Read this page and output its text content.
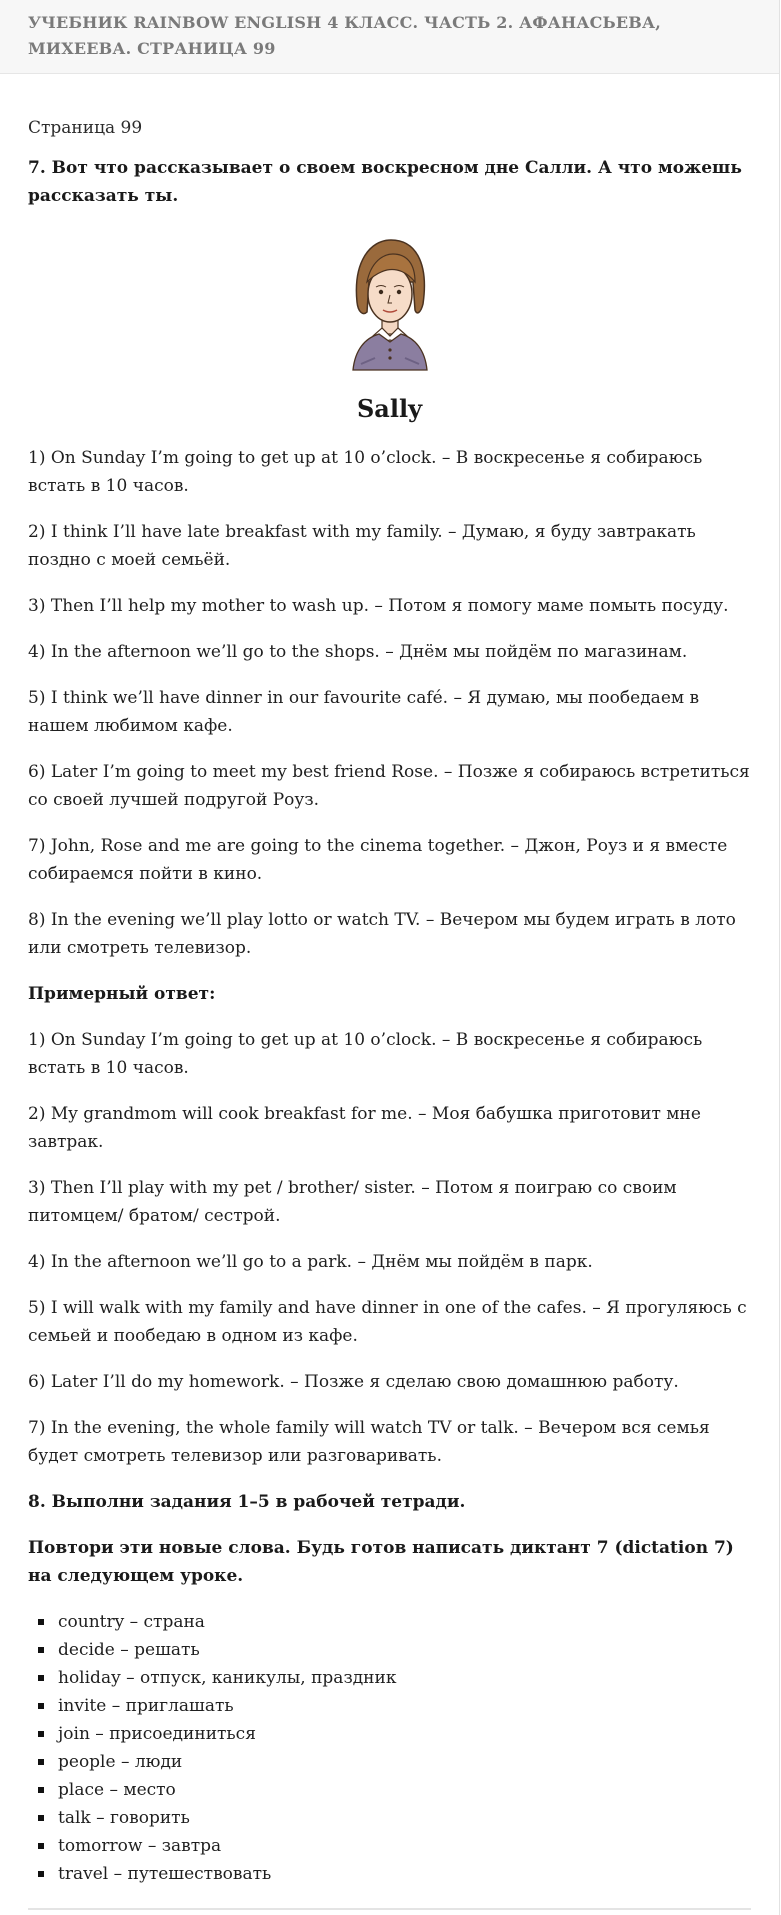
УЧЕБНИК RAINBOW ENGLISH 4 КЛАСС. ЧАСТЬ 2. АФАНАСЬЕВА, МИХЕЕВА. СТРАНИЦА 99

Страница 99

7. Вот что рассказывает о своем воскресном дне Салли. А что можешь рассказать ты.

Sally

1) On Sunday I’m going to get up at 10 o’clock. – В воскресенье я собираюсь встать в 10 часов.

2) I think I’ll have late breakfast with my family. – Думаю, я буду завтракать поздно с моей семьёй.

3) Then I’ll help my mother to wash up. – Потом я помогу маме помыть посуду.

4) In the afternoon we’ll go to the shops. – Днём мы пойдём по магазинам.

5) I think we’ll have dinner in our favourite café. – Я думаю, мы пообедаем в нашем любимом кафе.

6) Later I’m going to meet my best friend Rose. – Позже я собираюсь встретиться со своей лучшей подругой Роуз.

7) John, Rose and me are going to the cinema together. – Джон, Роуз и я вместе собираемся пойти в кино.

8) In the evening we’ll play lotto or watch TV. – Вечером мы будем играть в лото или смотреть телевизор.

Примерный ответ:

1) On Sunday I’m going to get up at 10 o’clock. – В воскресенье я собираюсь встать в 10 часов.

2) My grandmom will cook breakfast for me. – Моя бабушка приготовит мне завтрак.

3) Then I’ll play with my pet / brother/ sister. – Потом я поиграю со своим питомцем/ братом/ сестрой.

4) In the afternoon we’ll go to a park. – Днём мы пойдём в парк.

5) I will walk with my family and have dinner in one of the cafes. – Я прогуляюсь с семьей и пообедаю в одном из кафе.

6) Later I’ll do my homework. – Позже я сделаю свою домашнюю работу.

7) In the evening, the whole family will watch TV or talk. – Вечером вся семья будет смотреть телевизор или разговаривать.

8. Выполни задания 1–5 в рабочей тетради.

Повтори эти новые слова. Будь готов написать диктант 7 (dictation 7) на следующем уроке.

country – страна
decide – решать
holiday – отпуск, каникулы, праздник
invite – приглашать
join – присоединиться
people – люди
place – место
talk – говорить
tomorrow – завтра
travel – путешествовать
